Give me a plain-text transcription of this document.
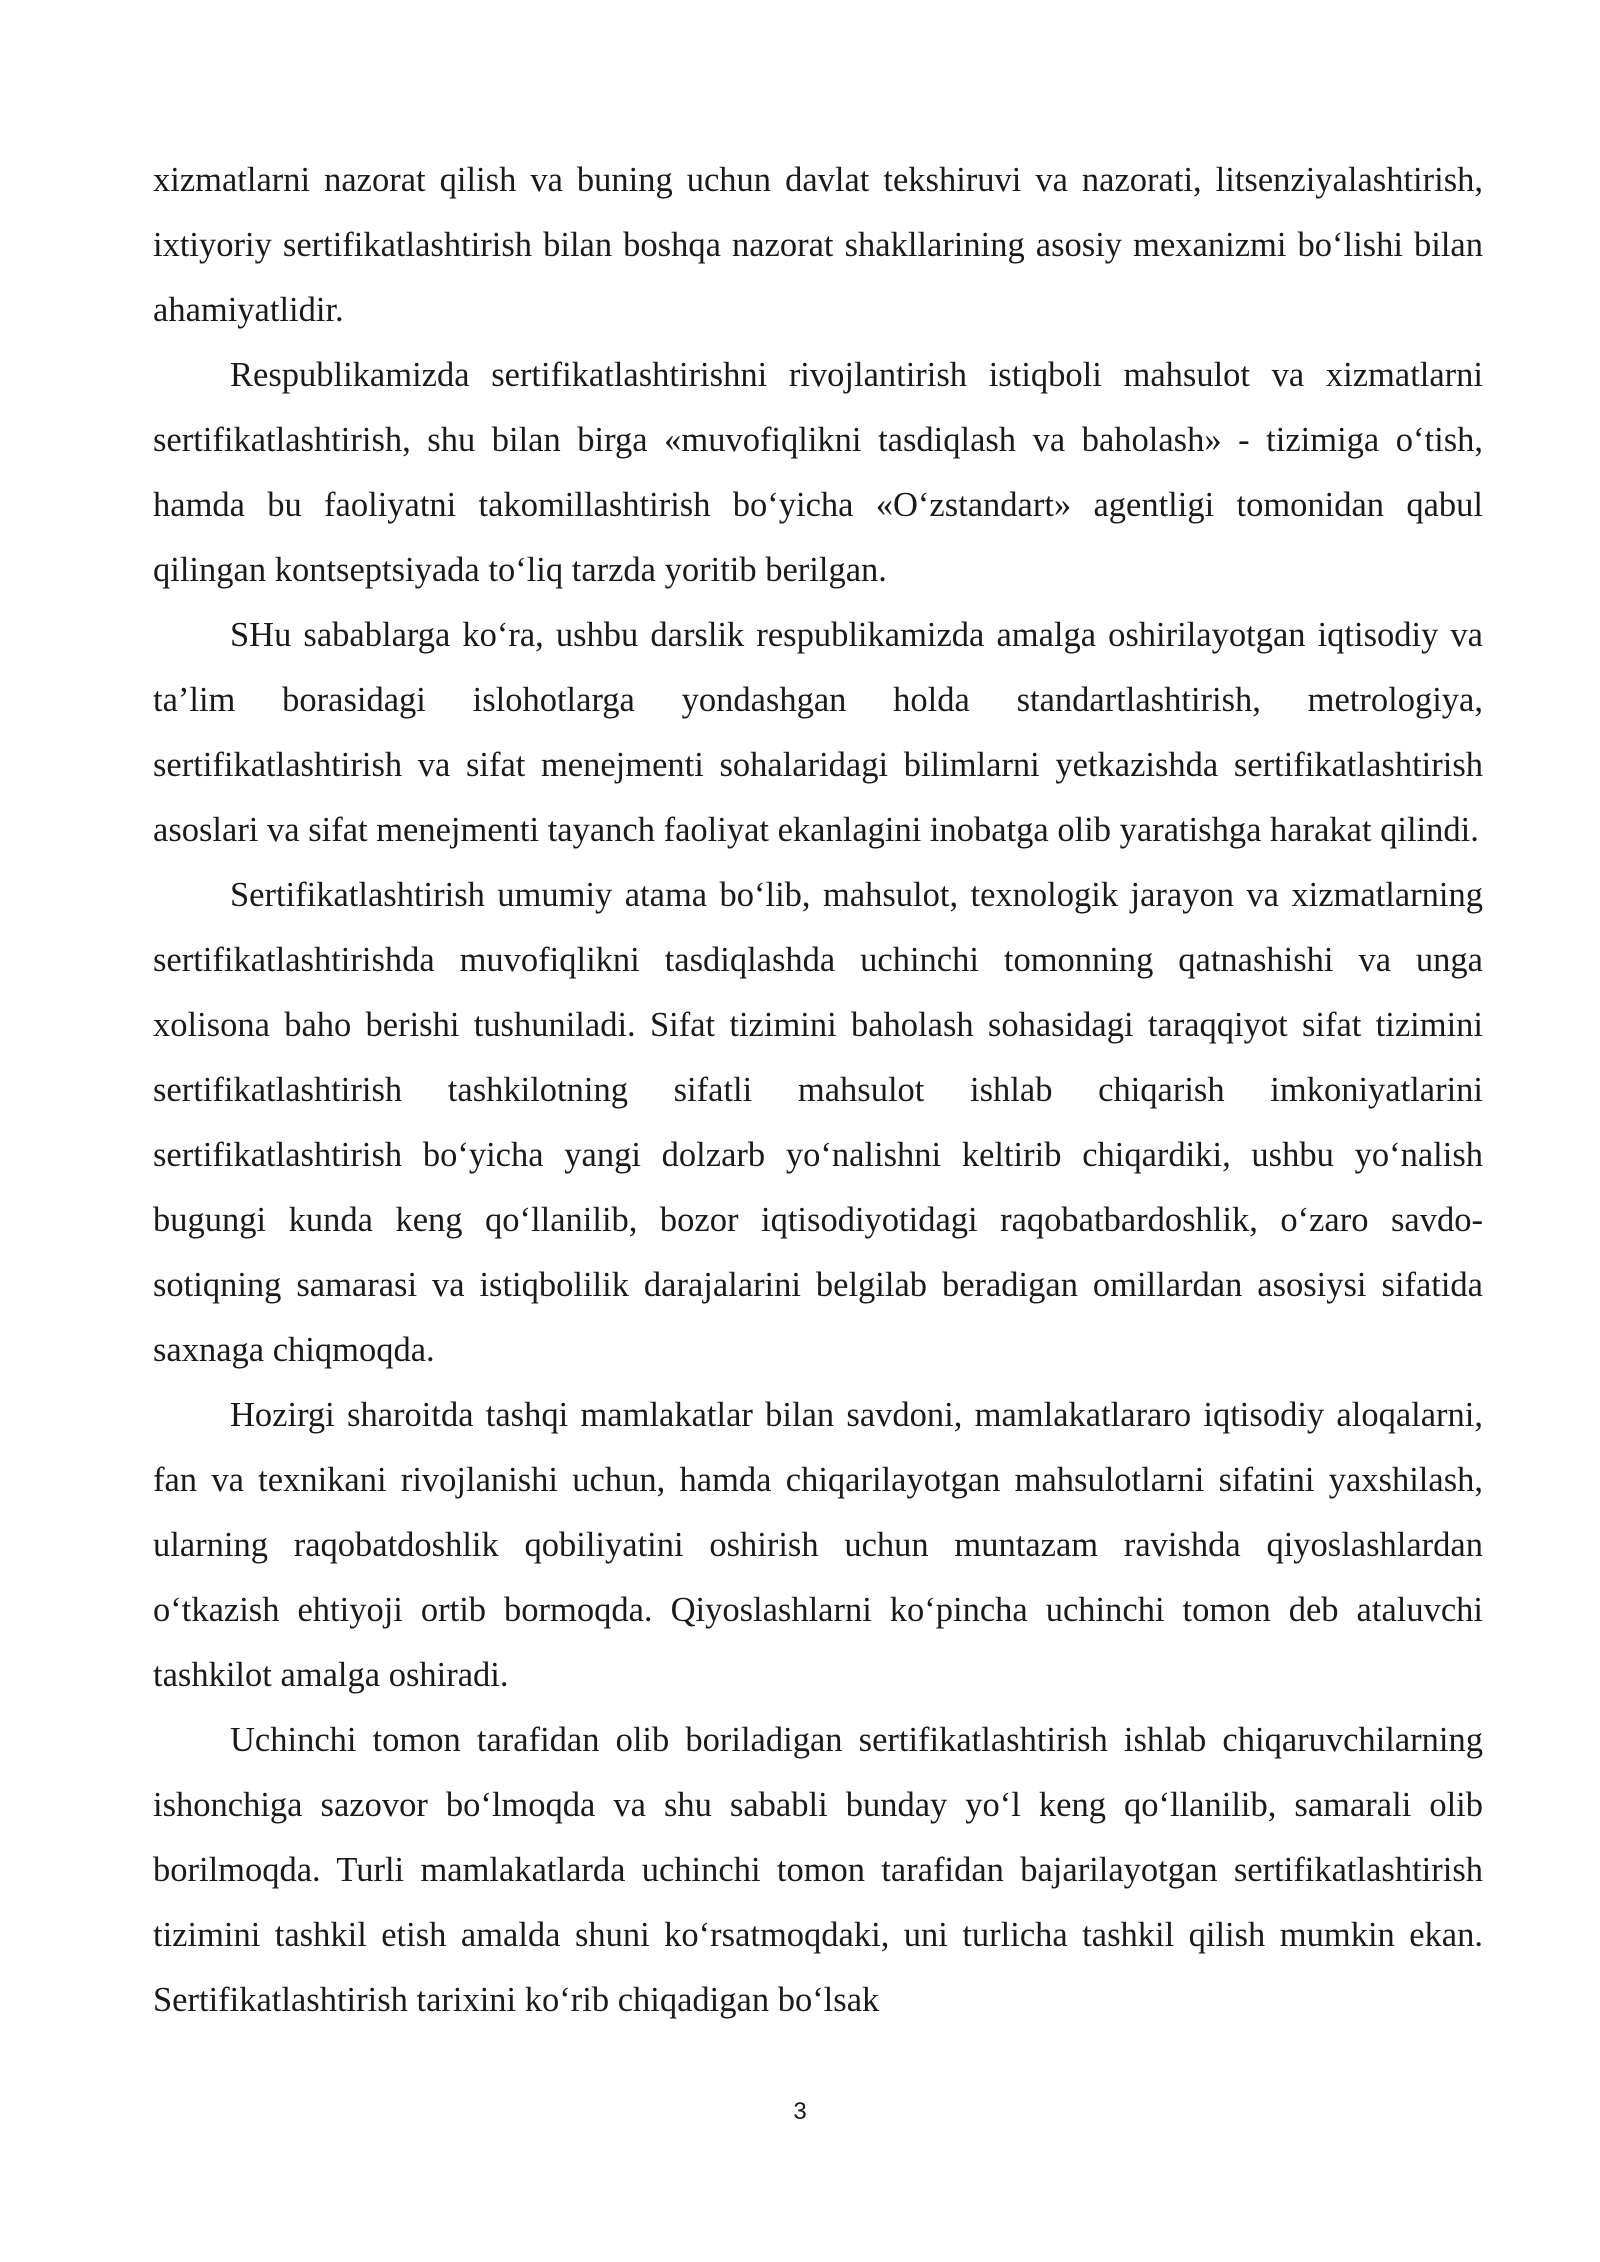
xizmatlarni nazorat qilish va buning uchun davlat tekshiruvi va nazorati, litsenziyalashtirish, ixtiyoriy sertifikatlashtirish bilan boshqa nazorat shakllarining asosiy mexanizmi bo‘lishi bilan ahamiyatlidir.

Respublikamizda sertifikatlashtirishni rivojlantirish istiqboli mahsulot va xizmatlarni sertifikatlashtirish, shu bilan birga «muvofiqlikni tasdiqlash va baholash» - tizimiga o‘tish, hamda bu faoliyatni takomillashtirish bo‘yicha «O‘zstandart» agentligi tomonidan qabul qilingan kontseptsiyada to‘liq tarzda yoritib berilgan.

SHu sabablarga ko‘ra, ushbu darslik respublikamizda amalga oshirilayotgan iqtisodiy va ta’lim borasidagi islohotlarga yondashgan holda standartlashtirish, metrologiya, sertifikatlashtirish va sifat menejmenti sohalaridagi bilimlarni yetkazishda sertifikatlashtirish asoslari va sifat menejmenti tayanch faoliyat ekanlagini inobatga olib yaratishga harakat qilindi.

Sertifikatlashtirish umumiy atama bo‘lib, mahsulot, texnologik jarayon va xizmatlarning sertifikatlashtirishda muvofiqlikni tasdiqlashda uchinchi tomonning qatnashishi va unga xolisona baho berishi tushuniladi. Sifat tizimini baholash sohasidagi taraqqiyot sifat tizimini sertifikatlashtirish tashkilotning sifatli mahsulot ishlab chiqarish imkoniyatlarini sertifikatlashtirish bo‘yicha yangi dolzarb yo‘nalishni keltirib chiqardiki, ushbu yo‘nalish bugungi kunda keng qo‘llanilib, bozor iqtisodiyotidagi raqobatbardoshlik, o‘zaro savdo- sotiqning samarasi va istiqbolilik darajalarini belgilab beradigan omillardan asosiysi sifatida saxnaga chiqmoqda.

Hozirgi sharoitda tashqi mamlakatlar bilan savdoni, mamlakatlararo iqtisodiy aloqalarni, fan va texnikani rivojlanishi uchun, hamda chiqarilayotgan mahsulotlarni sifatini yaxshilash, ularning raqobatdoshlik qobiliyatini oshirish uchun muntazam ravishda qiyoslashlardan o‘tkazish ehtiyoji ortib bormoqda. Qiyoslashlarni ko‘pincha uchinchi tomon deb ataluvchi tashkilot amalga oshiradi.

Uchinchi tomon tarafidan olib boriladigan sertifikatlashtirish ishlab chiqaruvchilarning ishonchiga sazovor bo‘lmoqda va shu sababli bunday yo‘l keng qo‘llanilib, samarali olib borilmoqda. Turli mamlakatlarda uchinchi tomon tarafidan bajarilayotgan sertifikatlashtirish tizimini tashkil etish amalda shuni ko‘rsatmoqdaki, uni turlicha tashkil qilish mumkin ekan. Sertifikatlashtirish tarixini ko‘rib chiqadigan bo‘lsak

3
